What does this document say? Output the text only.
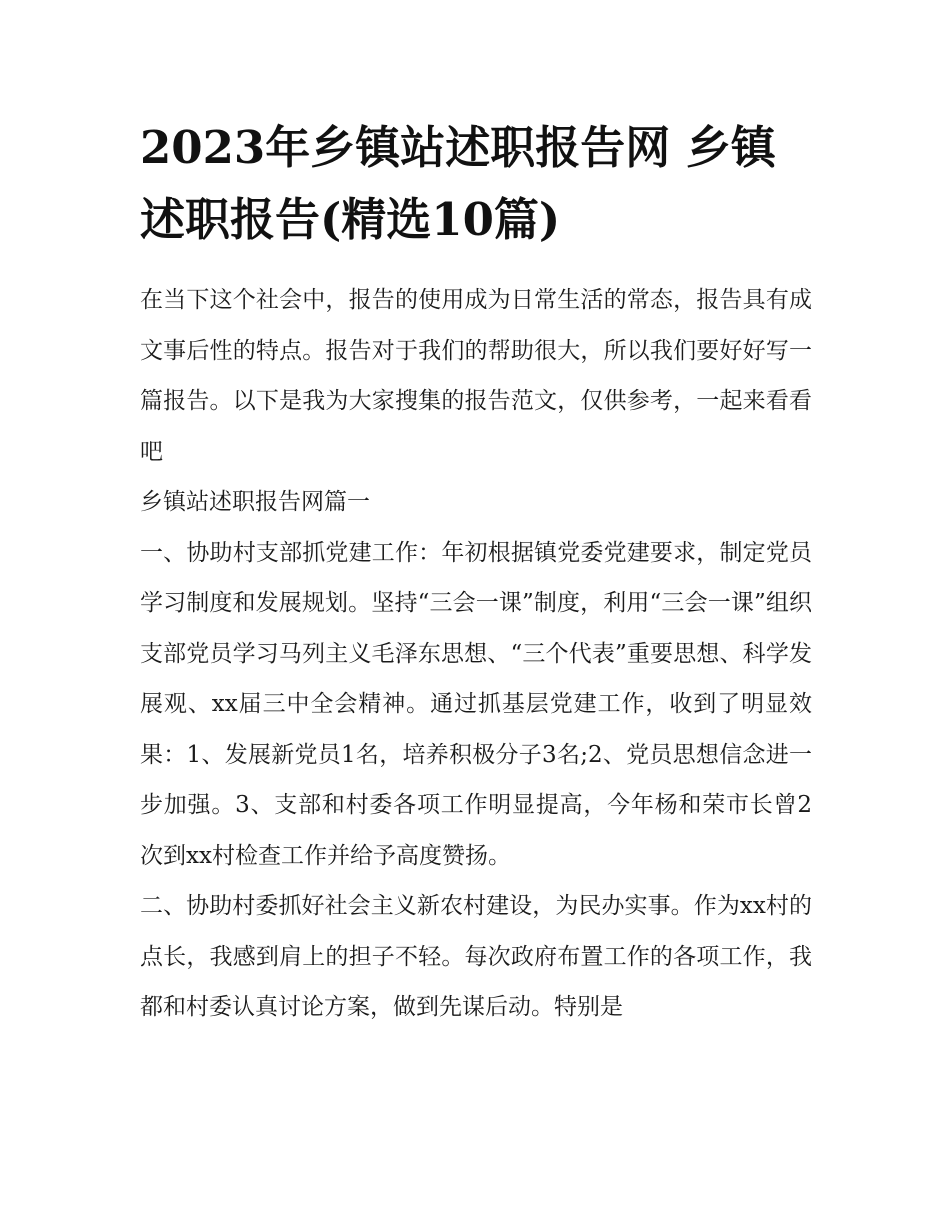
2023年乡镇站述职报告网 乡镇述职报告(精选10篇)

在当下这个社会中，报告的使用成为日常生活的常态，报告具有成文事后性的特点。报告对于我们的帮助很大，所以我们要好好写一篇报告。以下是我为大家搜集的报告范文，仅供参考，一起来看看吧

乡镇站述职报告网篇一

一、协助村支部抓党建工作：年初根据镇党委党建要求，制定党员学习制度和发展规划。坚持“三会一课”制度，利用“三会一课”组织支部党员学习马列主义毛泽东思想、“三个代表”重要思想、科学发展观、xx届三中全会精神。通过抓基层党建工作，收到了明显效果：1、发展新党员1名，培养积极分子3名;2、党员思想信念进一步加强。3、支部和村委各项工作明显提高，今年杨和荣市长曾2次到xx村检查工作并给予高度赞扬。

二、协助村委抓好社会主义新农村建设，为民办实事。作为xx村的点长，我感到肩上的担子不轻。每次政府布置工作的各项工作，我都和村委认真讨论方案，做到先谋后动。特别是
